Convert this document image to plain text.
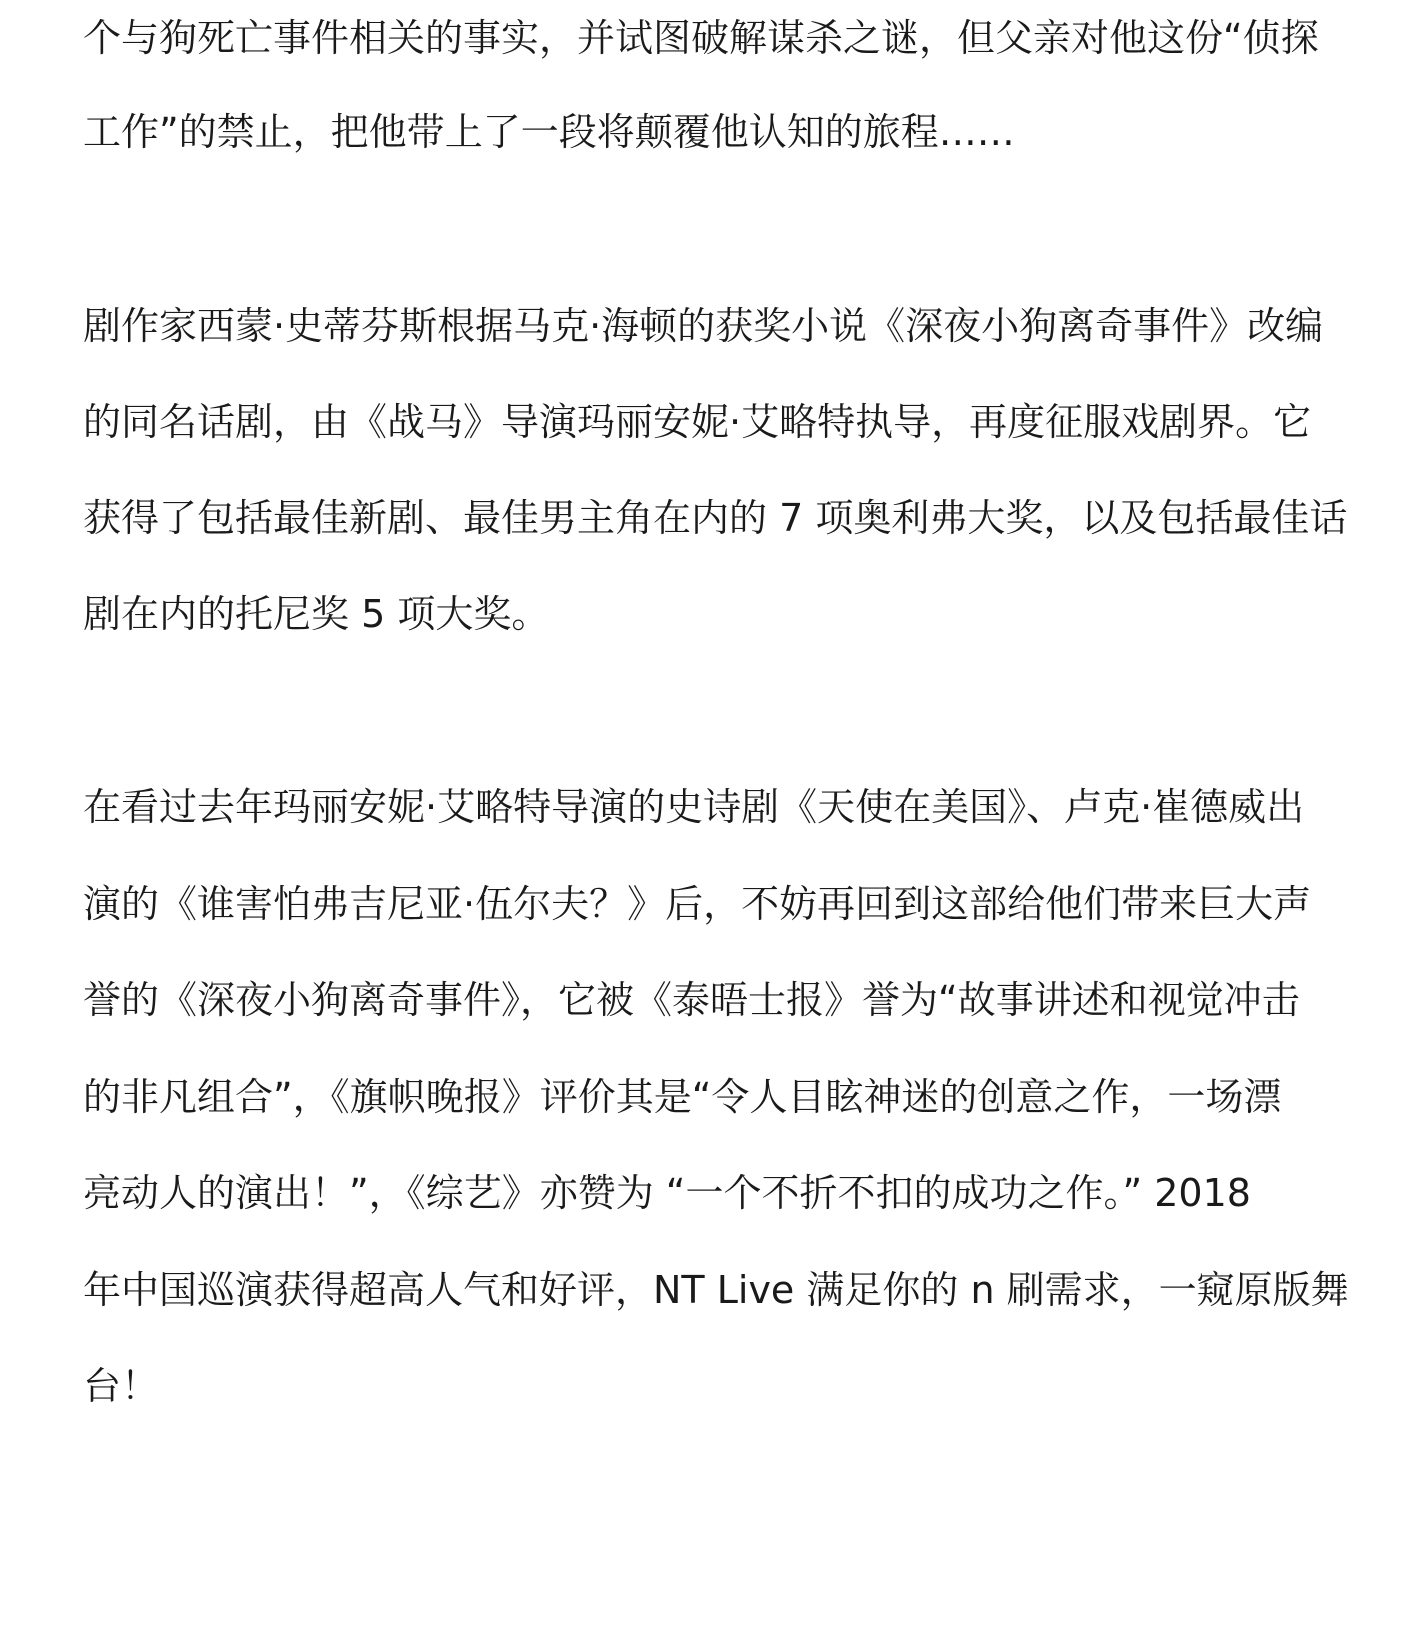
个与狗死亡事件相关的事实，并试图破解谋杀之谜，但父亲对他这份“侦探
工作”的禁止，把他带上了一段将颠覆他认知的旅程……
剧作家西蒙·史蒂芬斯根据马克·海顿的获奖小说《深夜小狗离奇事件》改编
的同名话剧，由《战马》导演玛丽安妮·艾略特执导，再度征服戏剧界。它
获得了包括最佳新剧、最佳男主角在内的 7 项奥利弗大奖，以及包括最佳话
剧在内的托尼奖 5 项大奖。
在看过去年玛丽安妮·艾略特导演的史诗剧《天使在美国》、卢克·崔德威出
演的《谁害怕弗吉尼亚·伍尔夫？》后，不妨再回到这部给他们带来巨大声
誉的《深夜小狗离奇事件》，它被《泰晤士报》誉为“故事讲述和视觉冲击
的非凡组合”，《旗帜晚报》评价其是“令人目眩神迷的创意之作，一场漂
亮动人的演出！”，《综艺》亦赞为 “一个不折不扣的成功之作。” 2018
年中国巡演获得超高人气和好评，NT Live 满足你的 n 刷需求，一窥原版舞
台！
